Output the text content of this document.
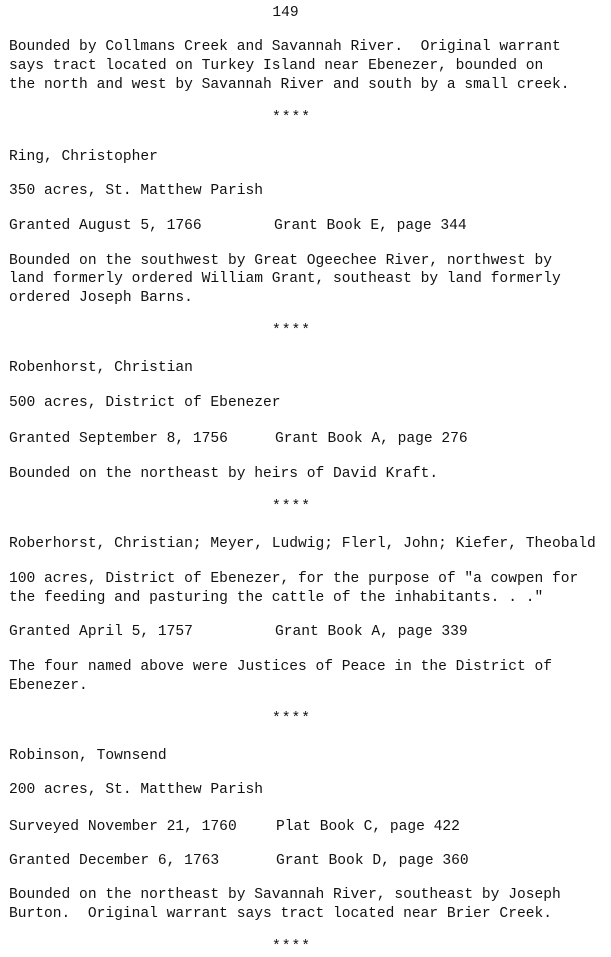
149
Bounded by Collmans Creek and Savannah River.  Original warrant
says tract located on Turkey Island near Ebenezer, bounded on
the north and west by Savannah River and south by a small creek.
****
Ring, Christopher
350 acres, St. Matthew Parish
Granted August 5, 1766	Grant Book E, page 344
Bounded on the southwest by Great Ogeechee River, northwest by
land formerly ordered William Grant, southeast by land formerly
ordered Joseph Barns.
****
Robenhorst, Christian
500 acres, District of Ebenezer
Granted September 8, 1756	Grant Book A, page 276
Bounded on the northeast by heirs of David Kraft.
****
Roberhorst, Christian; Meyer, Ludwig; Flerl, John; Kiefer, Theobald
100 acres, District of Ebenezer, for the purpose of "a cowpen for
the feeding and pasturing the cattle of the inhabitants. . ."
Granted April 5, 1757	Grant Book A, page 339
The four named above were Justices of Peace in the District of
Ebenezer.
****
Robinson, Townsend
200 acres, St. Matthew Parish
Surveyed November 21, 1760	Plat Book C, page 422
Granted December 6, 1763	Grant Book D, page 360
Bounded on the northeast by Savannah River, southeast by Joseph
Burton.  Original warrant says tract located near Brier Creek.
****
